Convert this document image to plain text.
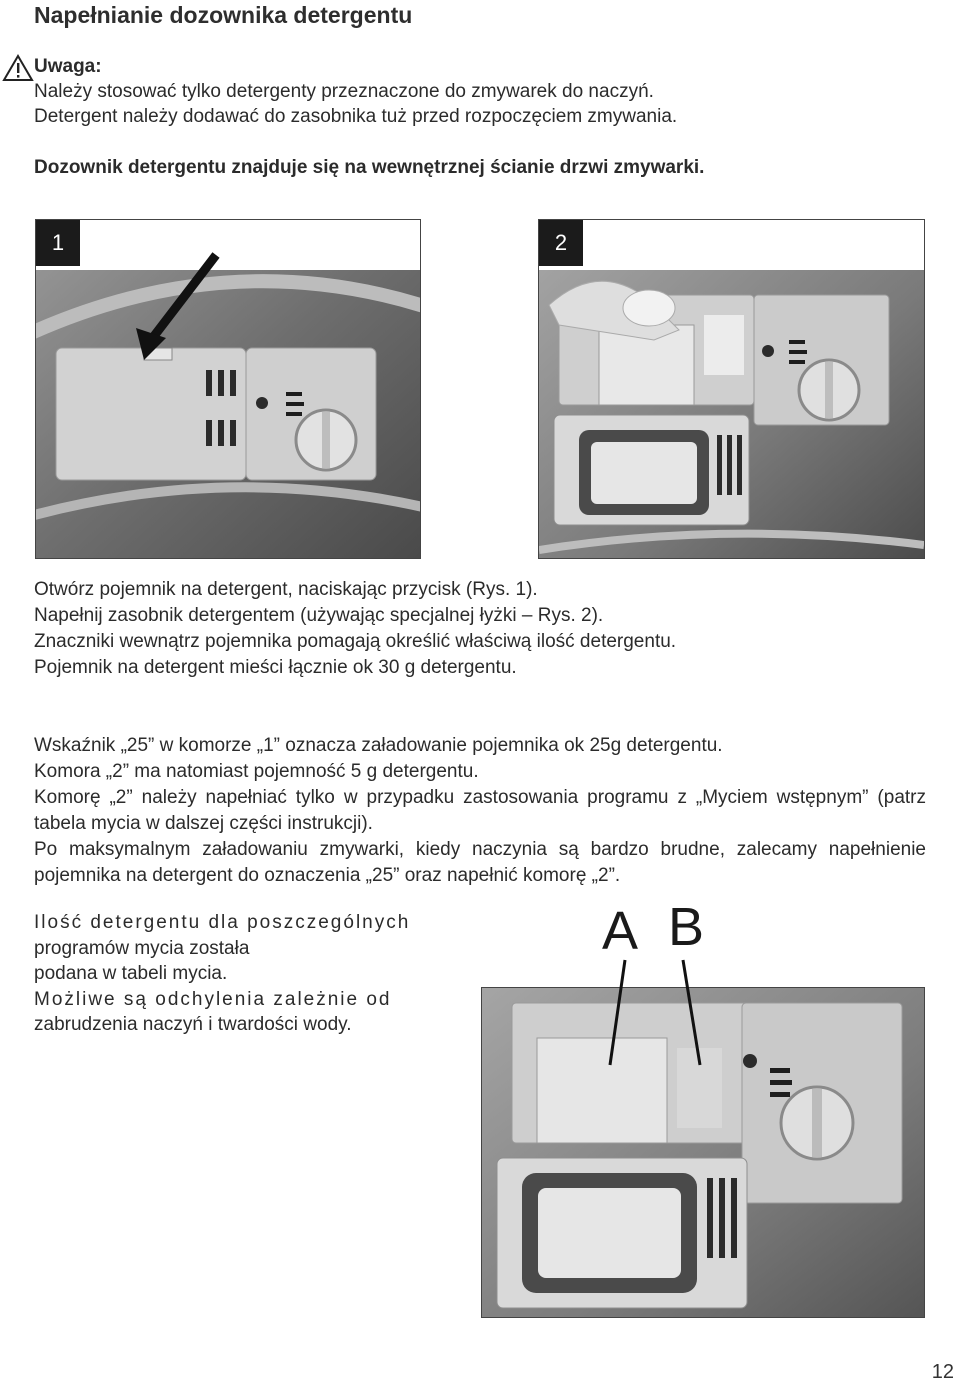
Napełnianie dozownika detergentu
Uwaga:
Należy stosować tylko detergenty przeznaczone do zmywarek do naczyń.
Detergent należy dodawać do zasobnika tuż przed rozpoczęciem zmywania.
Dozownik detergentu znajduje się na wewnętrznej ścianie drzwi zmywarki.
1	2

Otwórz pojemnik na detergent, naciskając przycisk (Rys. 1).

Napełnij zasobnik detergentem (używając specjalnej łyżki – Rys. 2).

Znaczniki wewnątrz pojemnika pomagają określić właściwą ilość detergentu.

Pojemnik na detergent mieści łącznie ok 30 g detergentu.

Wskaźnik „25” w komorze „1” oznacza załadowanie pojemnika ok 25g detergentu.

Komora „2” ma natomiast pojemność 5 g detergentu.

Komorę „2” należy napełniać tylko w przypadku zastosowania programu z „Myciem wstępnym” (patrz tabela mycia w dalszej części instrukcji).

Po maksymalnym załadowaniu zmywarki, kiedy naczynia są bardzo brudne, zalecamy napełnienie pojemnika na detergent do oznaczenia „25” oraz napełnić komorę „2”.

Ilość detergentu dla poszczególnych

programów mycia została

podana w tabeli mycia.

Możliwe są odchylenia zależnie od

zabrudzenia naczyń i twardości wody.

A B
12
